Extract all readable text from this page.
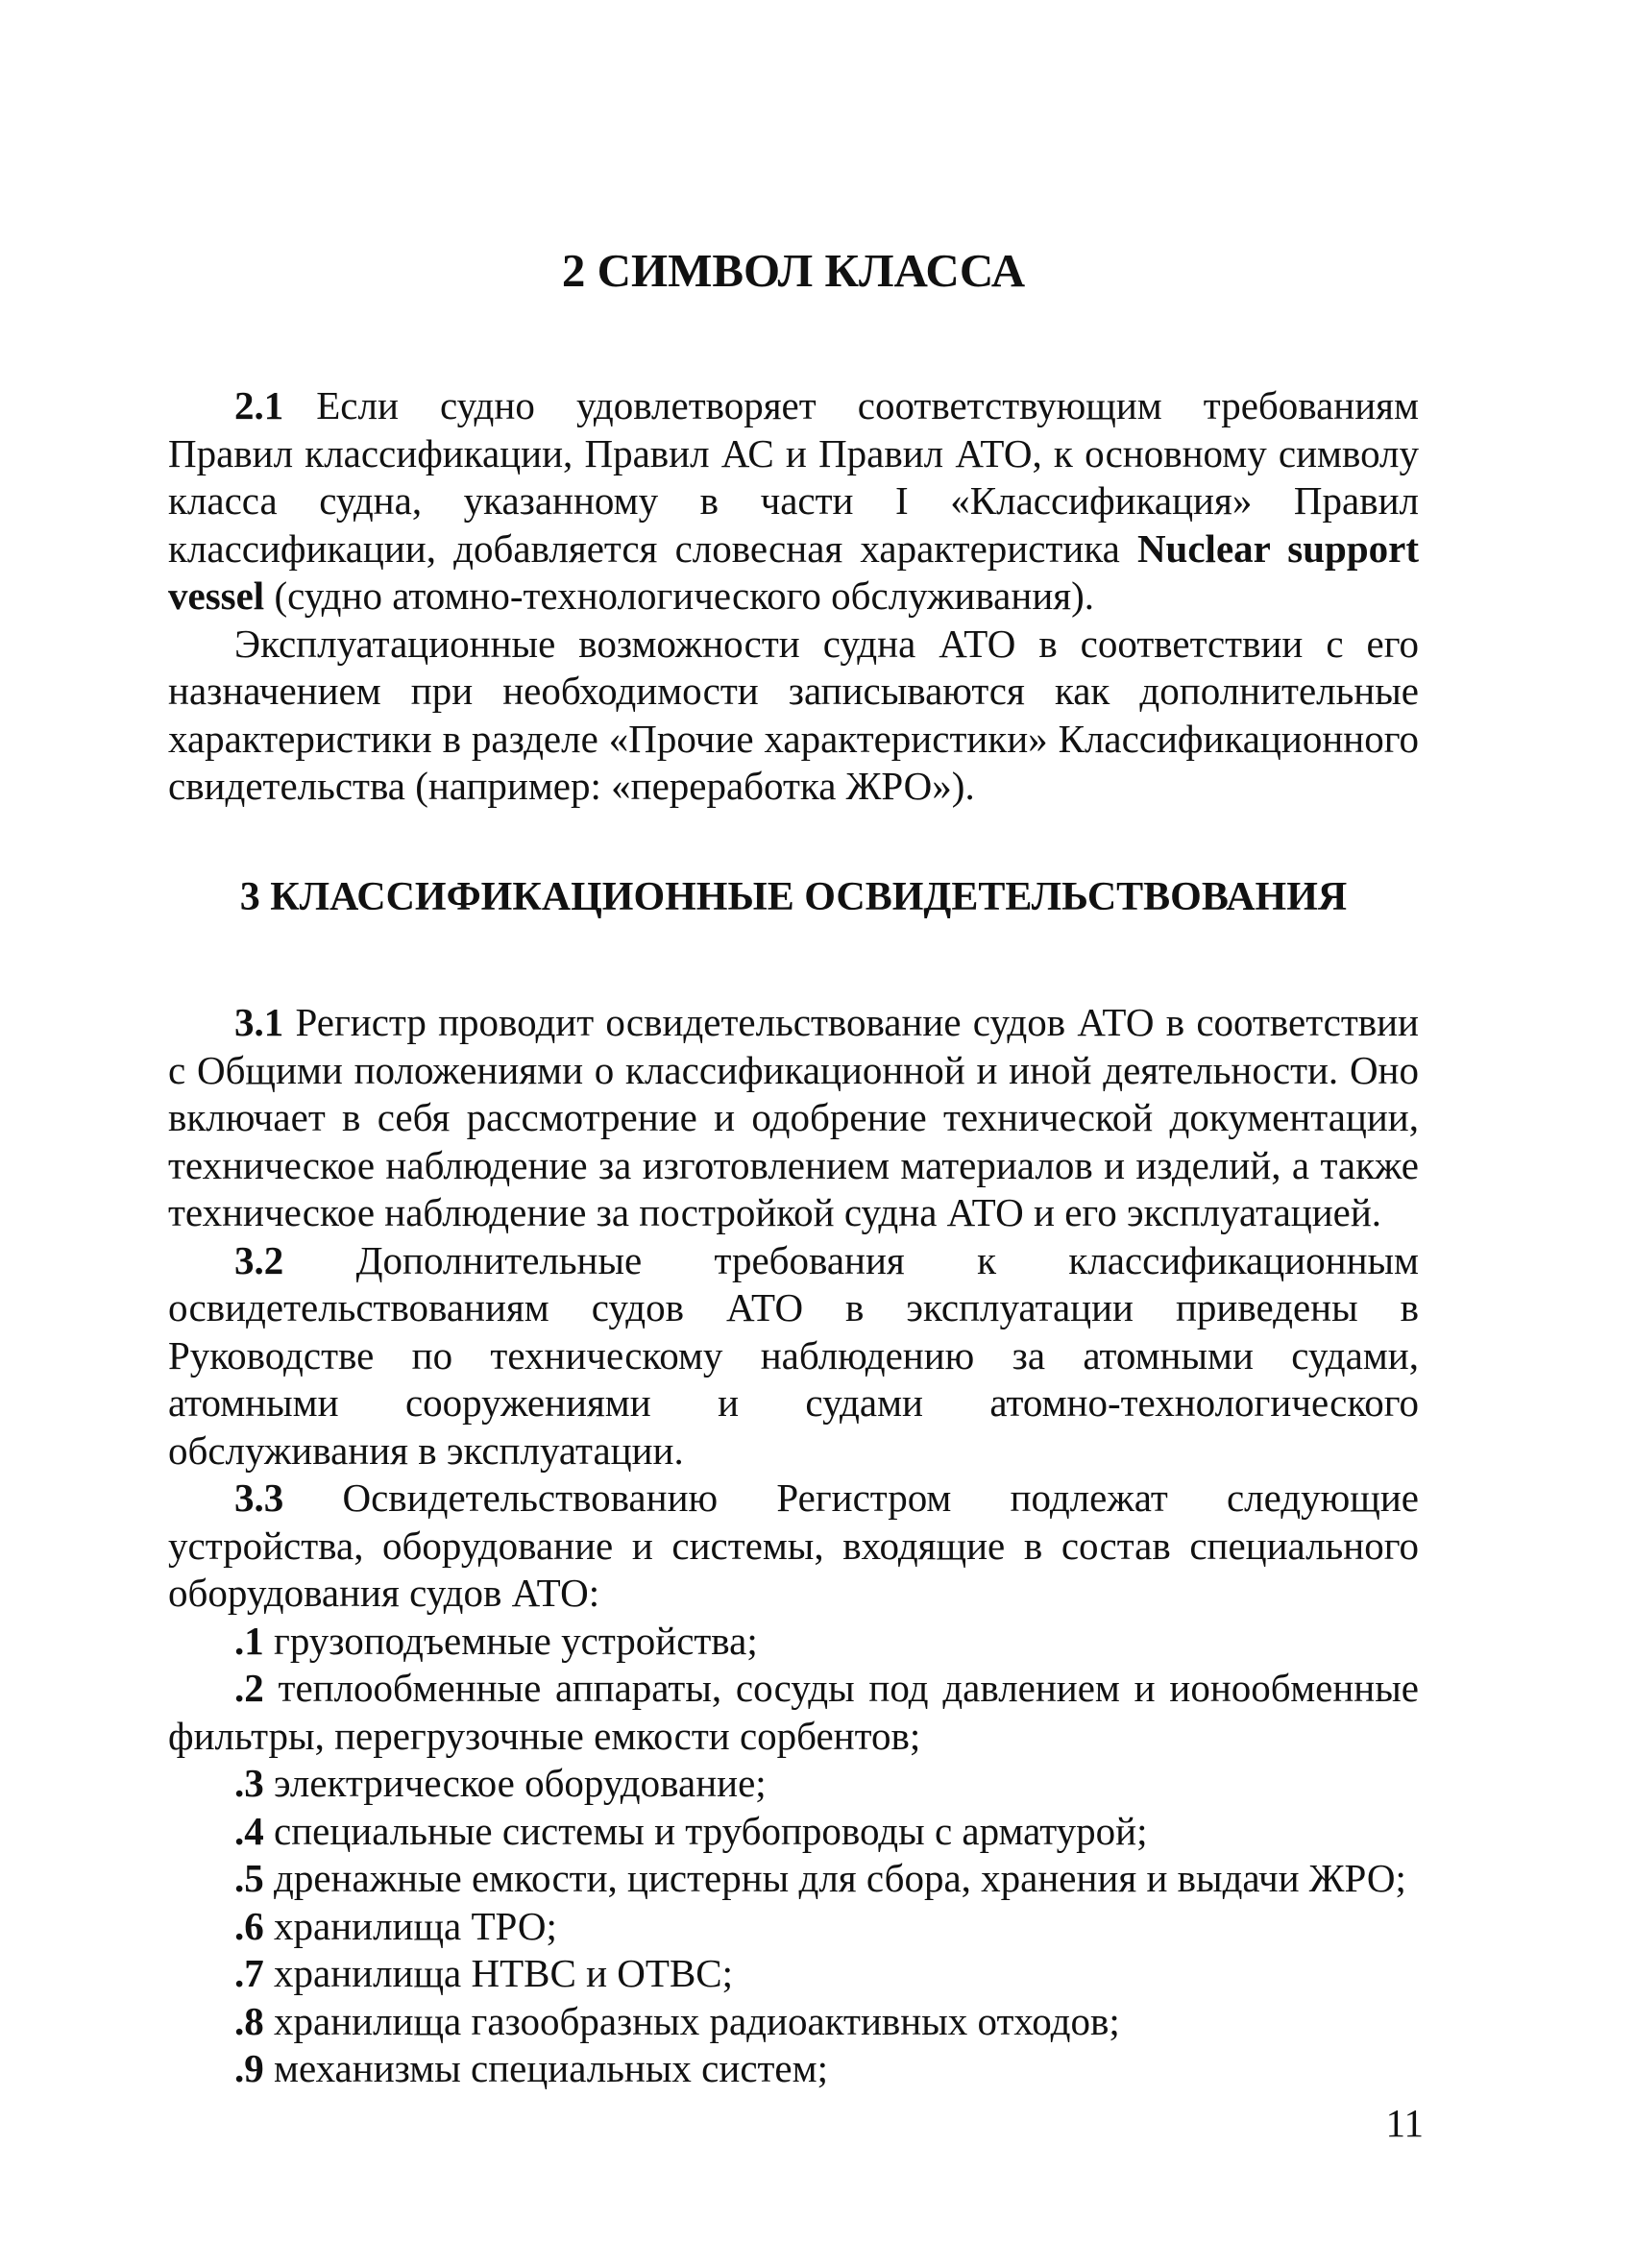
2 СИМВОЛ КЛАССА

2.1 Если судно удовлетворяет соответствующим требованиям Правил классификации, Правил АС и Правил АТО, к основному символу класса судна, указанному в части I «Классификация» Правил классификации, добавляется словесная характеристика Nuclear support vessel (судно атомно-технологического обслуживания).

Эксплуатационные возможности судна АТО в соответствии с его назначением при необходимости записываются как дополнительные характеристики в разделе «Прочие характеристики» Классификационного свидетельства (например: «переработка ЖРО»).

3 КЛАССИФИКАЦИОННЫЕ ОСВИДЕТЕЛЬСТВОВАНИЯ

3.1 Регистр проводит освидетельствование судов АТО в соответствии с Общими положениями о классификационной и иной деятельности. Оно включает в себя рассмотрение и одобрение технической документации, техническое наблюдение за изготовлением материалов и изделий, а также техническое наблюдение за постройкой судна АТО и его эксплуатацией.

3.2 Дополнительные требования к классификационным освидетельствованиям судов АТО в эксплуатации приведены в Руководстве по техническому наблюдению за атомными судами, атомными сооружениями и судами атомно-технологического обслуживания в эксплуатации.

3.3 Освидетельствованию Регистром подлежат следующие устройства, оборудование и системы, входящие в состав специального оборудования судов АТО:

.1 грузоподъемные устройства;

.2 теплообменные аппараты, сосуды под давлением и ионообменные фильтры, перегрузочные емкости сорбентов;

.3 электрическое оборудование;

.4 специальные системы и трубопроводы с арматурой;

.5 дренажные емкости, цистерны для сбора, хранения и выдачи ЖРО;

.6 хранилища ТРО;

.7 хранилища НТВС и ОТВС;

.8 хранилища газообразных радиоактивных отходов;

.9 механизмы специальных систем;

11
